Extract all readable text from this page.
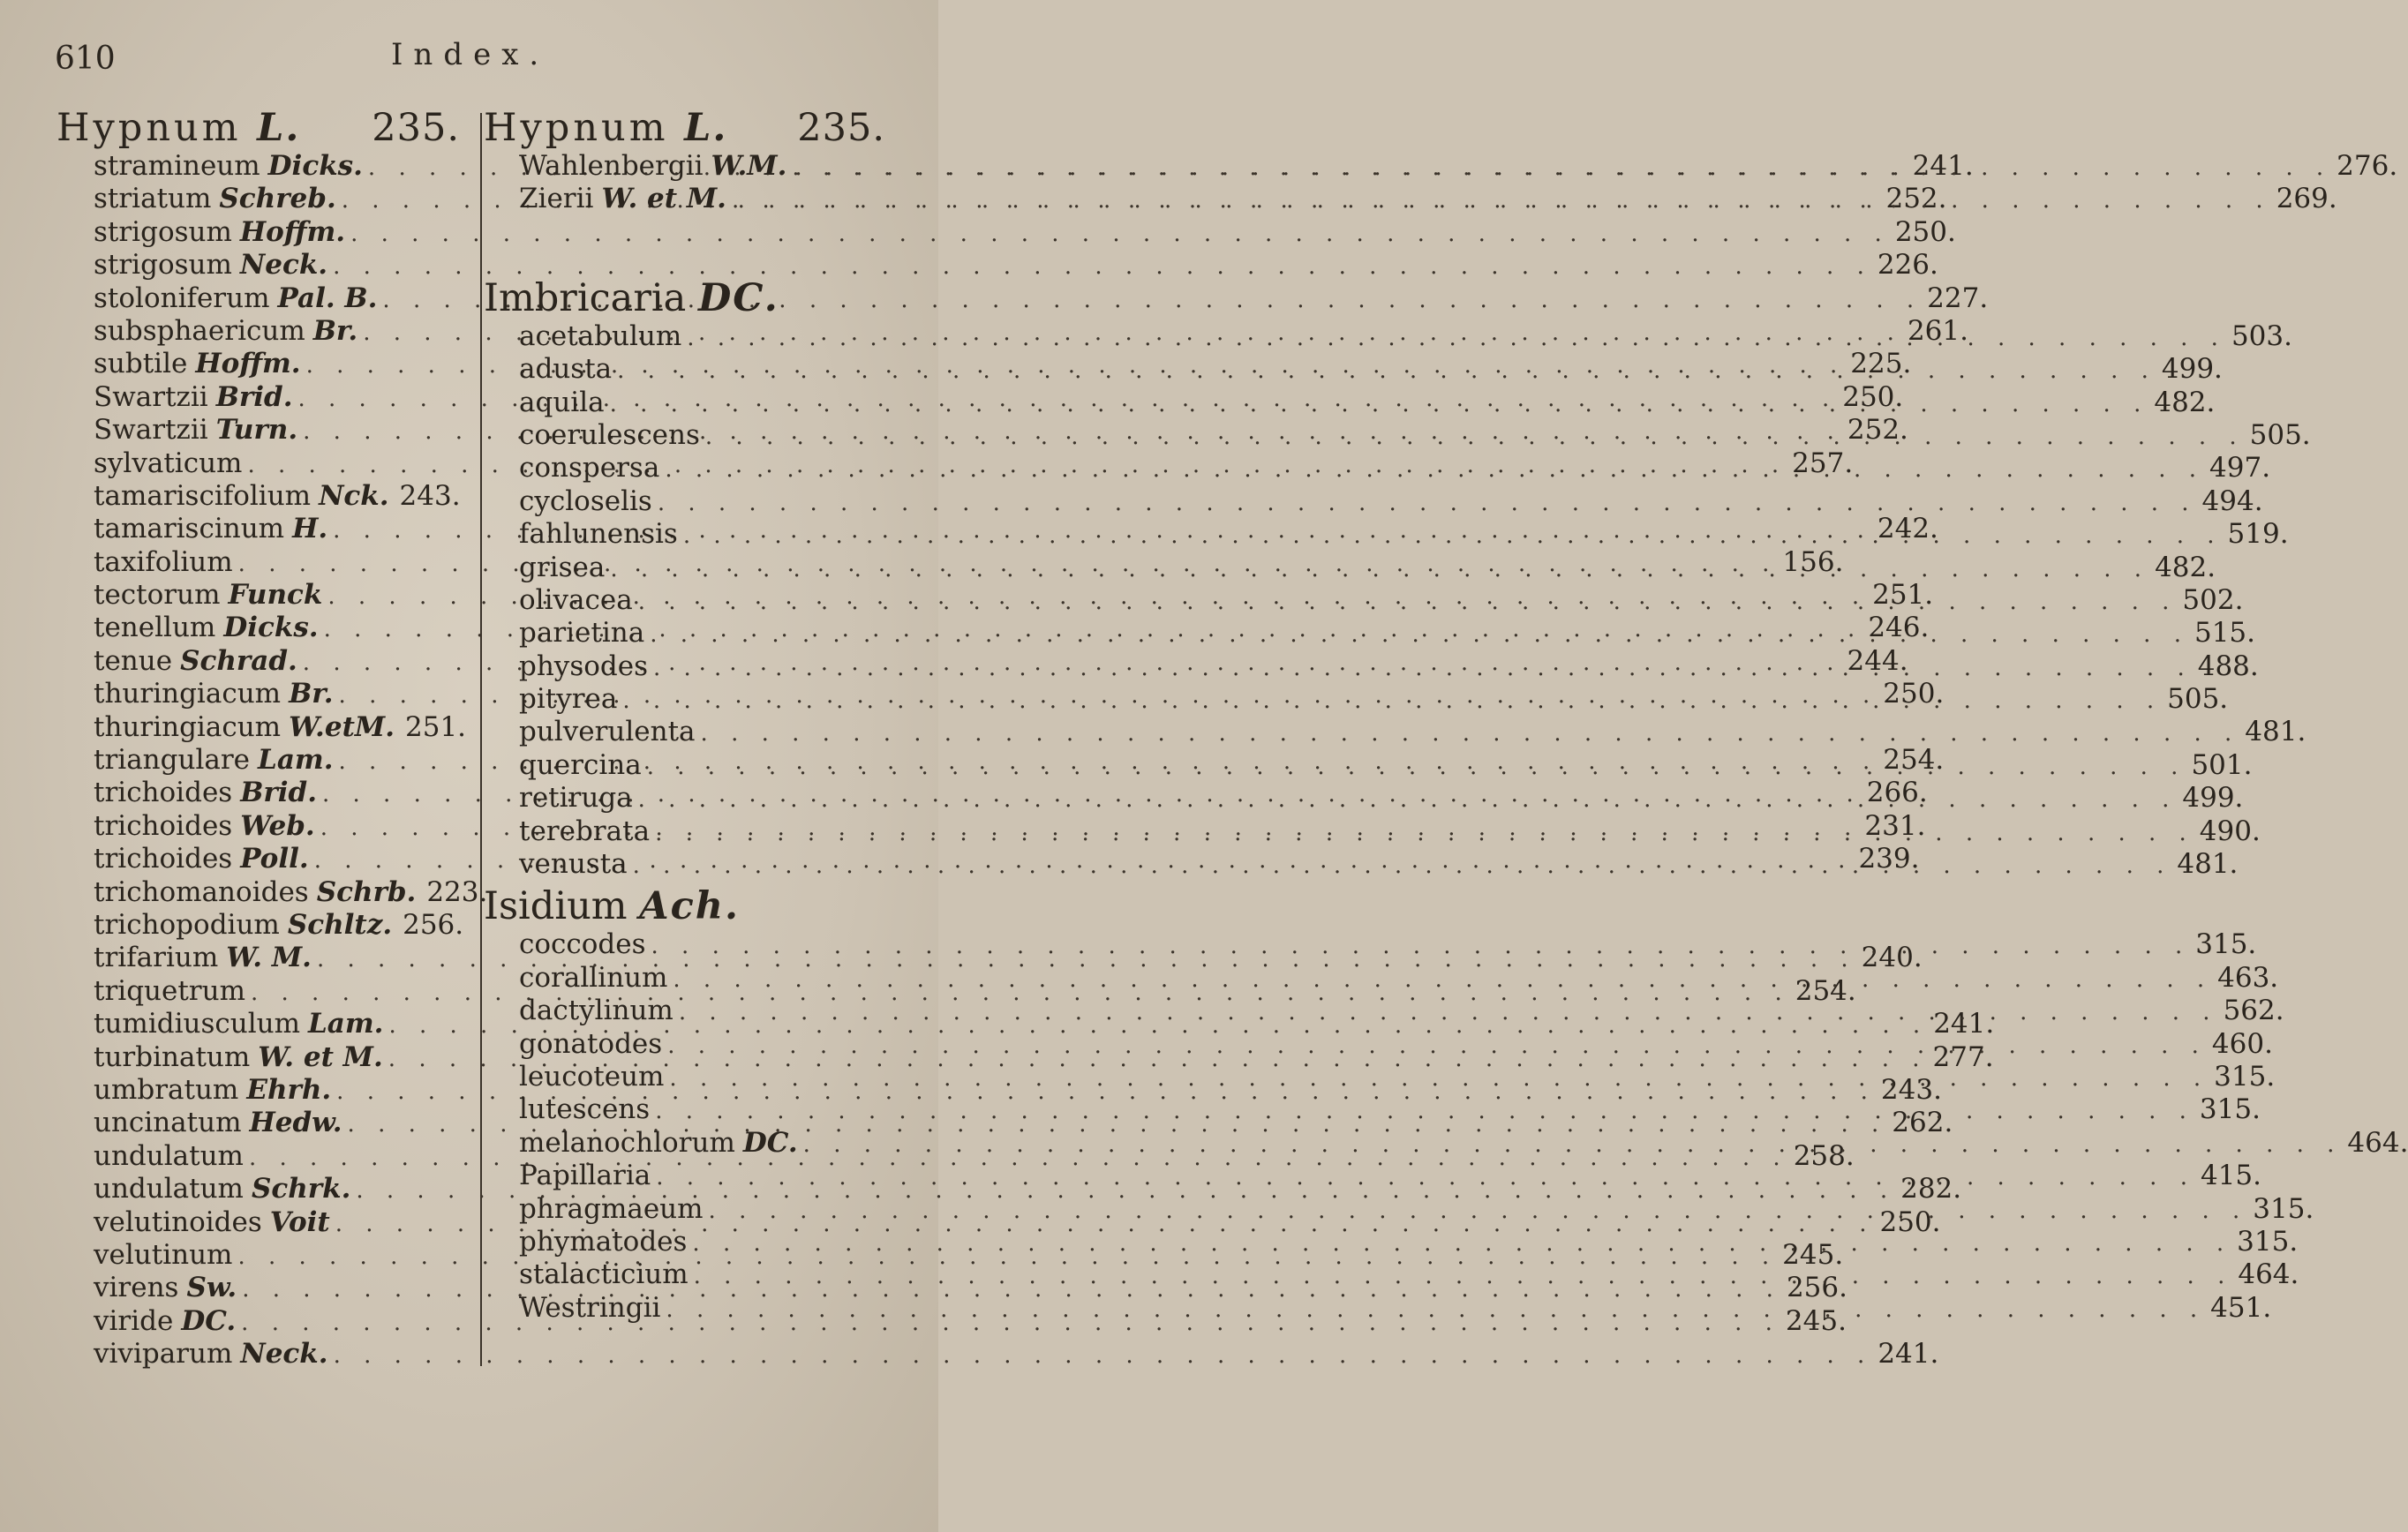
610	Index.
Hypnum L. 235.
stramineum Dicks. . . .	241.
striatum Schreb. . . .	252.
strigosum Hoffm. . . .	250.
strigosum Neck. . . .	226.
stoloniferum Pal. B. . . .	227.
subsphaericum Br. . . .	261.
subtile Hoffm. . . .	225.
Swartzii Brid. . . .	250.
Swartzii Turn. . . .	252.
sylvaticum . . .	257.
tamariscifolium Nck. 243.
tamariscinum H. . . .	242.
taxifolium . . .	156.
tectorum Funck . . .	251.
tenellum Dicks. . . .	246.
tenue Schrad. . . .	244.
thuringiacum Br. . . .	250.
thuringiacum W.etM. 251.
triangulare Lam. . . .	254.
trichoides Brid. . . .	266.
trichoides Web. . . .	231.
trichoides Poll. . . .	239.
trichomanoides Schrb. 223.
trichopodium Schltz. 256.
trifarium W. M. . . .	240.
triquetrum . . .	254.
tumidiusculum Lam. . . .	241.
turbinatum W. et M. . . .	277.
umbratum Ehrh. . . .	243.
uncinatum Hedw. . . .	262.
undulatum . . .	258.
undulatum Schrk. . . .	282.
velutinoides Voit . . .	250.
velutinum . . .	245.
virens Sw. . . .	256.
viride DC. . . .	245.
viviparum Neck. . . .	241.
Hypnum L. 235.
Wahlenbergii W.M. . . .	276.
Zierii W. et M. . . .	269.
Imbricaria DC.
acetabulum . . .	503.
adusta . . .	499.
aquila . . .	482.
coerulescens . . .	505.
conspersa . . .	497.
cycloselis . . .	494.
fahlunensis . . .	519.
grisea . . .	482.
olivacea . . .	502.
parietina . . .	515.
physodes . . .	488.
pityrea . . .	505.
pulverulenta . . .	481.
quercina . . .	501.
retiruga . . .	499.
terebrata . . .	490.
venusta . . .	481.
Isidium Ach.
coccodes . . .	315.
corallinum . . .	463.
dactylinum . . .	562.
gonatodes . . .	460.
leucoteum . . .	315.
lutescens . . .	315.
melanochlorum DC. . . .	464.
Papillaria . . .	415.
phragmaeum . . .	315.
phymatodes . . .	315.
stalacticium . . .	464.
Westringii . . .	451.
